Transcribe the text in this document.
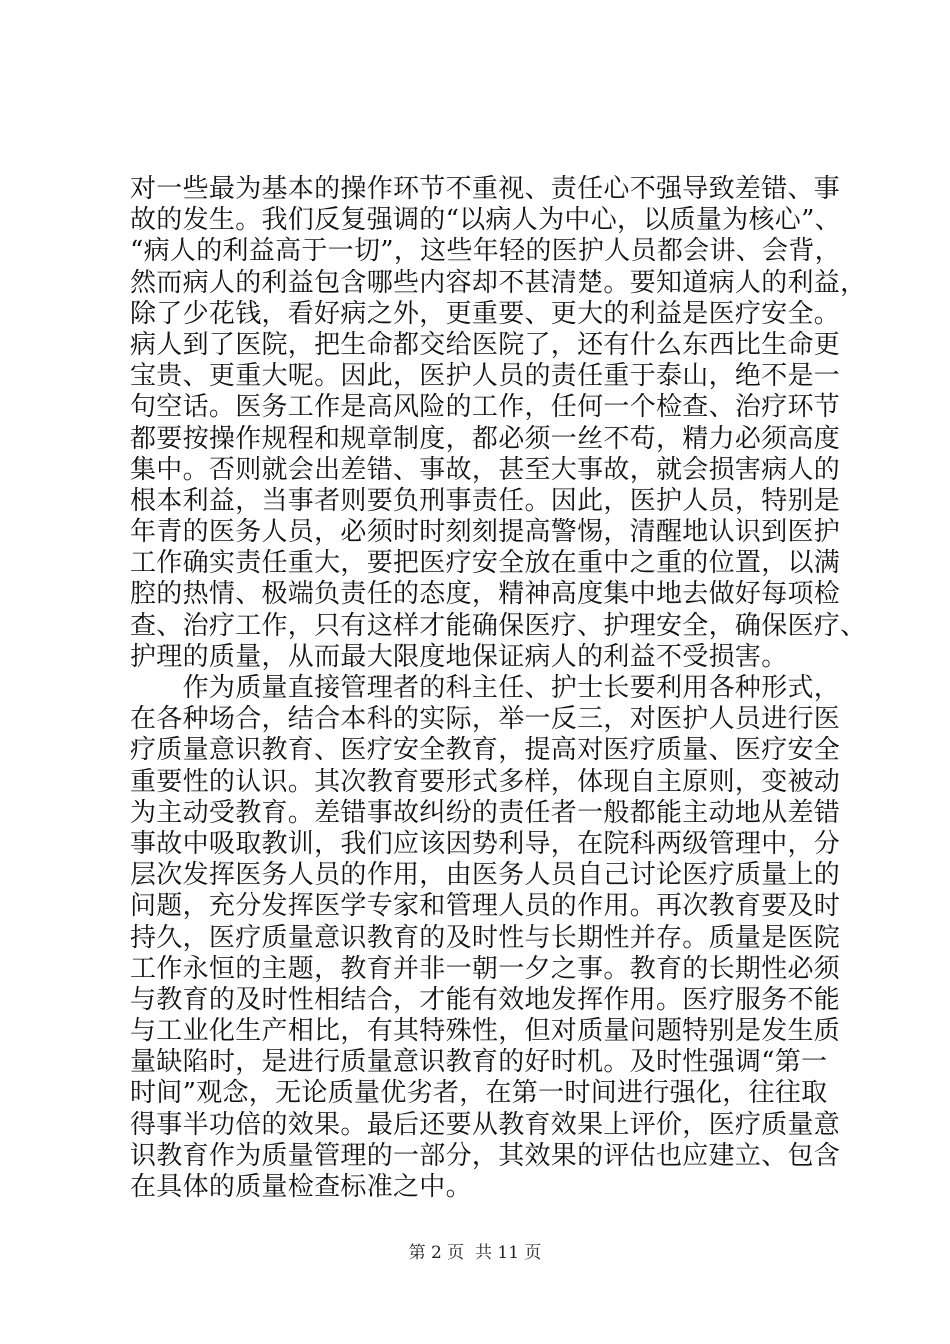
对一些最为基本的操作环节不重视、责任心不强导致差错、事
故的发生。我们反复强调的“以病人为中心，以质量为核心”、
“病人的利益高于一切”，这些年轻的医护人员都会讲、会背，
然而病人的利益包含哪些内容却不甚清楚。要知道病人的利益，
除了少花钱，看好病之外，更重要、更大的利益是医疗安全。
病人到了医院，把生命都交给医院了，还有什么东西比生命更
宝贵、更重大呢。因此，医护人员的责任重于泰山，绝不是一
句空话。医务工作是高风险的工作，任何一个检查、治疗环节
都要按操作规程和规章制度，都必须一丝不苟，精力必须高度
集中。否则就会出差错、事故，甚至大事故，就会损害病人的
根本利益，当事者则要负刑事责任。因此，医护人员，特别是
年青的医务人员，必须时时刻刻提高警惕，清醒地认识到医护
工作确实责任重大，要把医疗安全放在重中之重的位置，以满
腔的热情、极端负责任的态度，精神高度集中地去做好每项检
查、治疗工作，只有这样才能确保医疗、护理安全，确保医疗、
护理的质量，从而最大限度地保证病人的利益不受损害。
　　作为质量直接管理者的科主任、护士长要利用各种形式，
在各种场合，结合本科的实际，举一反三，对医护人员进行医
疗质量意识教育、医疗安全教育，提高对医疗质量、医疗安全
重要性的认识。其次教育要形式多样，体现自主原则，变被动
为主动受教育。差错事故纠纷的责任者一般都能主动地从差错
事故中吸取教训，我们应该因势利导，在院科两级管理中，分
层次发挥医务人员的作用，由医务人员自己讨论医疗质量上的
问题，充分发挥医学专家和管理人员的作用。再次教育要及时
持久，医疗质量意识教育的及时性与长期性并存。质量是医院
工作永恒的主题，教育并非一朝一夕之事。教育的长期性必须
与教育的及时性相结合，才能有效地发挥作用。医疗服务不能
与工业化生产相比，有其特殊性，但对质量问题特别是发生质
量缺陷时，是进行质量意识教育的好时机。及时性强调“第一
时间”观念，无论质量优劣者，在第一时间进行强化，往往取
得事半功倍的效果。最后还要从教育效果上评价，医疗质量意
识教育作为质量管理的一部分，其效果的评估也应建立、包含
在具体的质量检查标准之中。
第 2 页  共 11 页
